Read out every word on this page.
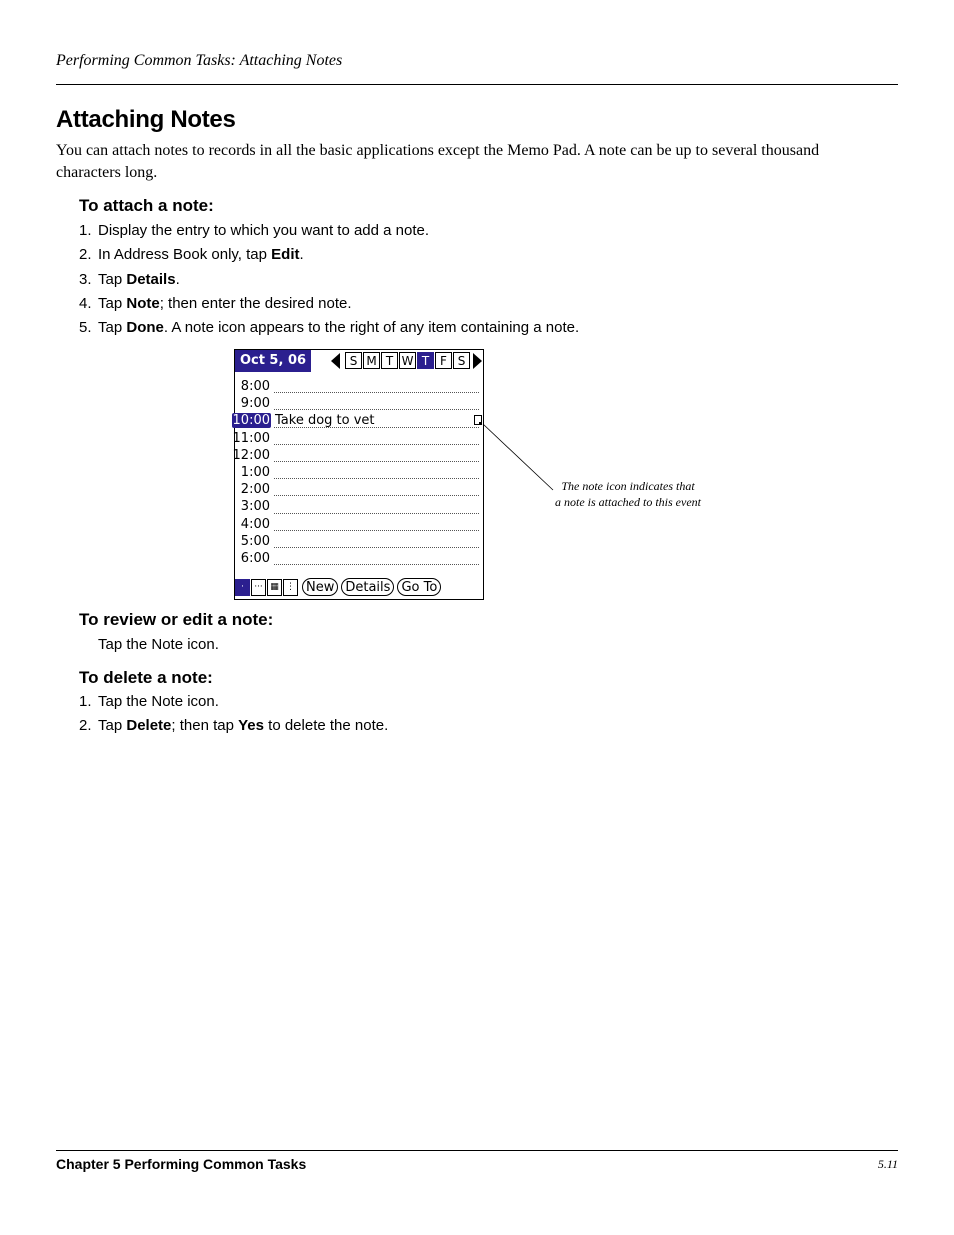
Performing Common Tasks: Attaching Notes
Attaching Notes

You can attach notes to records in all the basic applications except the Memo Pad. A note can be up to several thousand characters long.

To attach a note:
1. Display the entry to which you want to add a note.
2. In Address Book only, tap Edit.
3. Tap Details.
4. Tap Note; then enter the desired note.
5. Tap Done. A note icon appears to the right of any item containing a note.
Oct 5, 06	S M T W T F S
8:00
9:00
10:00 Take dog to vet
11:00
12:00
1:00
2:00
3:00
4:00
5:00
6:00
·	··· ▦ ⋮ New Details Go To
The note icon indicates that
a note is attached to this event
To review or edit a note:
Tap the Note icon.
To delete a note:
1. Tap the Note icon.
2. Tap Delete; then tap Yes to delete the note.
Chapter 5 Performing Common Tasks	5.11
